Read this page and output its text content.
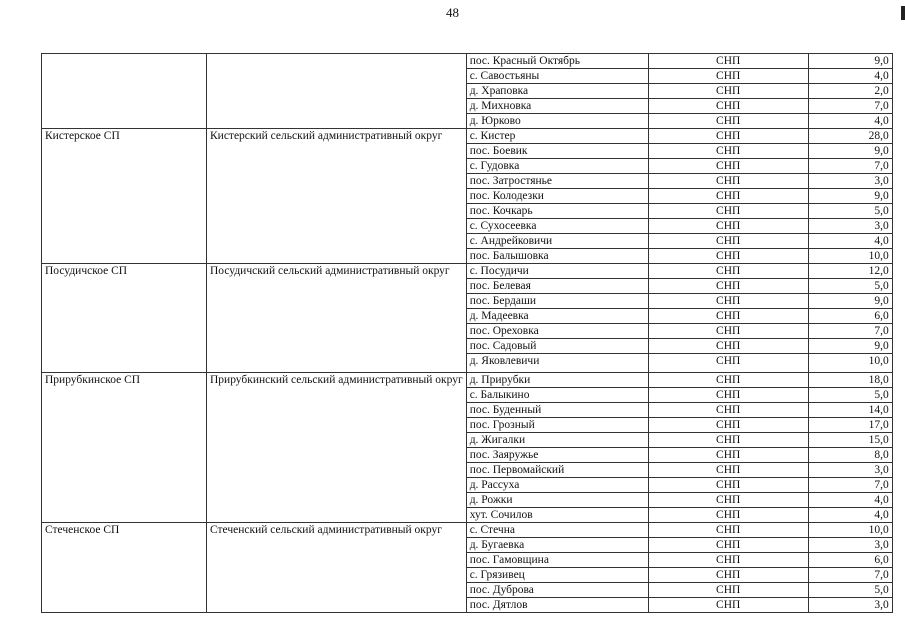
48
		пос. Красный Октябрь	СНП	9,0
		с. Савостьяны	СНП	4,0
		д. Храповка	СНП	2,0
		д. Михновка	СНП	7,0
		д. Юрково	СНП	4,0
Кистерское СП	Кистерский сельский административный округ	с. Кистер	СНП	28,0
		пос. Боевик	СНП	9,0
		с. Гудовка	СНП	7,0
		пос. Затростянье	СНП	3,0
		пос. Колодезки	СНП	9,0
		пос. Кочкарь	СНП	5,0
		с. Сухосеевка	СНП	3,0
		с. Андрейковичи	СНП	4,0
		пос. Балышовка	СНП	10,0
Посудичское СП	Посудичский сельский административный округ	с. Посудичи	СНП	12,0
		пос. Белевая	СНП	5,0
		пос. Бердаши	СНП	9,0
		д. Мадеевка	СНП	6,0
		пос. Ореховка	СНП	7,0
		пос. Садовый	СНП	9,0
		д. Яковлевичи	СНП	10,0
Прирубкинское СП	Прирубкинский сельский административный округ	д. Прирубки	СНП	18,0
		с. Балыкино	СНП	5,0
		пос. Буденный	СНП	14,0
		пос. Грозный	СНП	17,0
		д. Жигалки	СНП	15,0
		пос. Заяружье	СНП	8,0
		пос. Первомайский	СНП	3,0
		д. Рассуха	СНП	7,0
		д. Рожки	СНП	4,0
		хут. Сочилов	СНП	4,0
Стеченское СП	Стеченский сельский административный округ	с. Стечна	СНП	10,0
		д. Бугаевка	СНП	3,0
		пос. Гамовщина	СНП	6,0
		с. Грязивец	СНП	7,0
		пос. Дуброва	СНП	5,0
		пос. Дятлов	СНП	3,0
